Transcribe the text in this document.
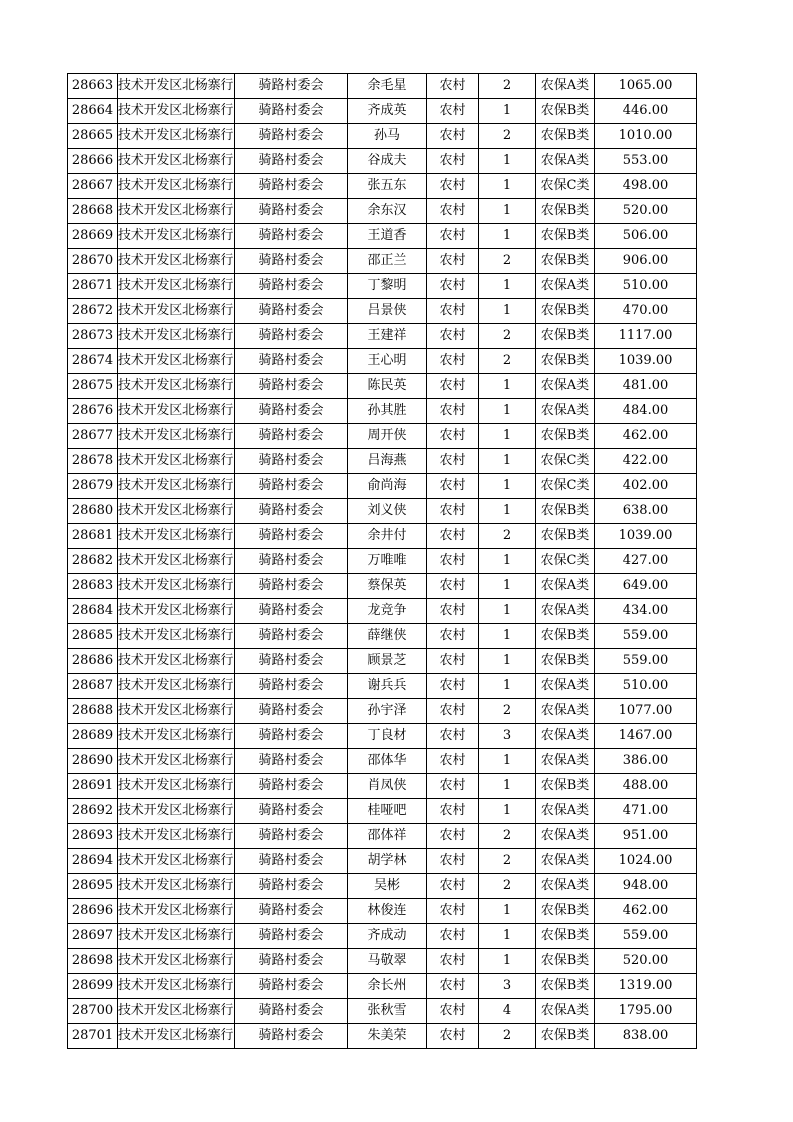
28663	技术开发区北杨寨行	骑路村委会	余毛星	农村	2	农保A类	1065.00
28664	技术开发区北杨寨行	骑路村委会	齐成英	农村	1	农保B类	446.00
28665	技术开发区北杨寨行	骑路村委会	孙马	农村	2	农保B类	1010.00
28666	技术开发区北杨寨行	骑路村委会	谷成夫	农村	1	农保A类	553.00
28667	技术开发区北杨寨行	骑路村委会	张五东	农村	1	农保C类	498.00
28668	技术开发区北杨寨行	骑路村委会	余东汉	农村	1	农保B类	520.00
28669	技术开发区北杨寨行	骑路村委会	王道香	农村	1	农保B类	506.00
28670	技术开发区北杨寨行	骑路村委会	邵正兰	农村	2	农保B类	906.00
28671	技术开发区北杨寨行	骑路村委会	丁黎明	农村	1	农保A类	510.00
28672	技术开发区北杨寨行	骑路村委会	吕景侠	农村	1	农保B类	470.00
28673	技术开发区北杨寨行	骑路村委会	王建祥	农村	2	农保B类	1117.00
28674	技术开发区北杨寨行	骑路村委会	王心明	农村	2	农保B类	1039.00
28675	技术开发区北杨寨行	骑路村委会	陈民英	农村	1	农保A类	481.00
28676	技术开发区北杨寨行	骑路村委会	孙其胜	农村	1	农保A类	484.00
28677	技术开发区北杨寨行	骑路村委会	周开侠	农村	1	农保B类	462.00
28678	技术开发区北杨寨行	骑路村委会	吕海燕	农村	1	农保C类	422.00
28679	技术开发区北杨寨行	骑路村委会	俞尚海	农村	1	农保C类	402.00
28680	技术开发区北杨寨行	骑路村委会	刘义侠	农村	1	农保B类	638.00
28681	技术开发区北杨寨行	骑路村委会	余井付	农村	2	农保B类	1039.00
28682	技术开发区北杨寨行	骑路村委会	万唯唯	农村	1	农保C类	427.00
28683	技术开发区北杨寨行	骑路村委会	蔡保英	农村	1	农保A类	649.00
28684	技术开发区北杨寨行	骑路村委会	龙竞争	农村	1	农保A类	434.00
28685	技术开发区北杨寨行	骑路村委会	薛继侠	农村	1	农保B类	559.00
28686	技术开发区北杨寨行	骑路村委会	顾景芝	农村	1	农保B类	559.00
28687	技术开发区北杨寨行	骑路村委会	谢兵兵	农村	1	农保A类	510.00
28688	技术开发区北杨寨行	骑路村委会	孙宇泽	农村	2	农保A类	1077.00
28689	技术开发区北杨寨行	骑路村委会	丁良材	农村	3	农保A类	1467.00
28690	技术开发区北杨寨行	骑路村委会	邵体华	农村	1	农保A类	386.00
28691	技术开发区北杨寨行	骑路村委会	肖凤侠	农村	1	农保B类	488.00
28692	技术开发区北杨寨行	骑路村委会	桂哑吧	农村	1	农保A类	471.00
28693	技术开发区北杨寨行	骑路村委会	邵体祥	农村	2	农保A类	951.00
28694	技术开发区北杨寨行	骑路村委会	胡学林	农村	2	农保A类	1024.00
28695	技术开发区北杨寨行	骑路村委会	吴彬	农村	2	农保A类	948.00
28696	技术开发区北杨寨行	骑路村委会	林俊连	农村	1	农保B类	462.00
28697	技术开发区北杨寨行	骑路村委会	齐成动	农村	1	农保B类	559.00
28698	技术开发区北杨寨行	骑路村委会	马敬翠	农村	1	农保B类	520.00
28699	技术开发区北杨寨行	骑路村委会	余长州	农村	3	农保B类	1319.00
28700	技术开发区北杨寨行	骑路村委会	张秋雪	农村	4	农保A类	1795.00
28701	技术开发区北杨寨行	骑路村委会	朱美荣	农村	2	农保B类	838.00
